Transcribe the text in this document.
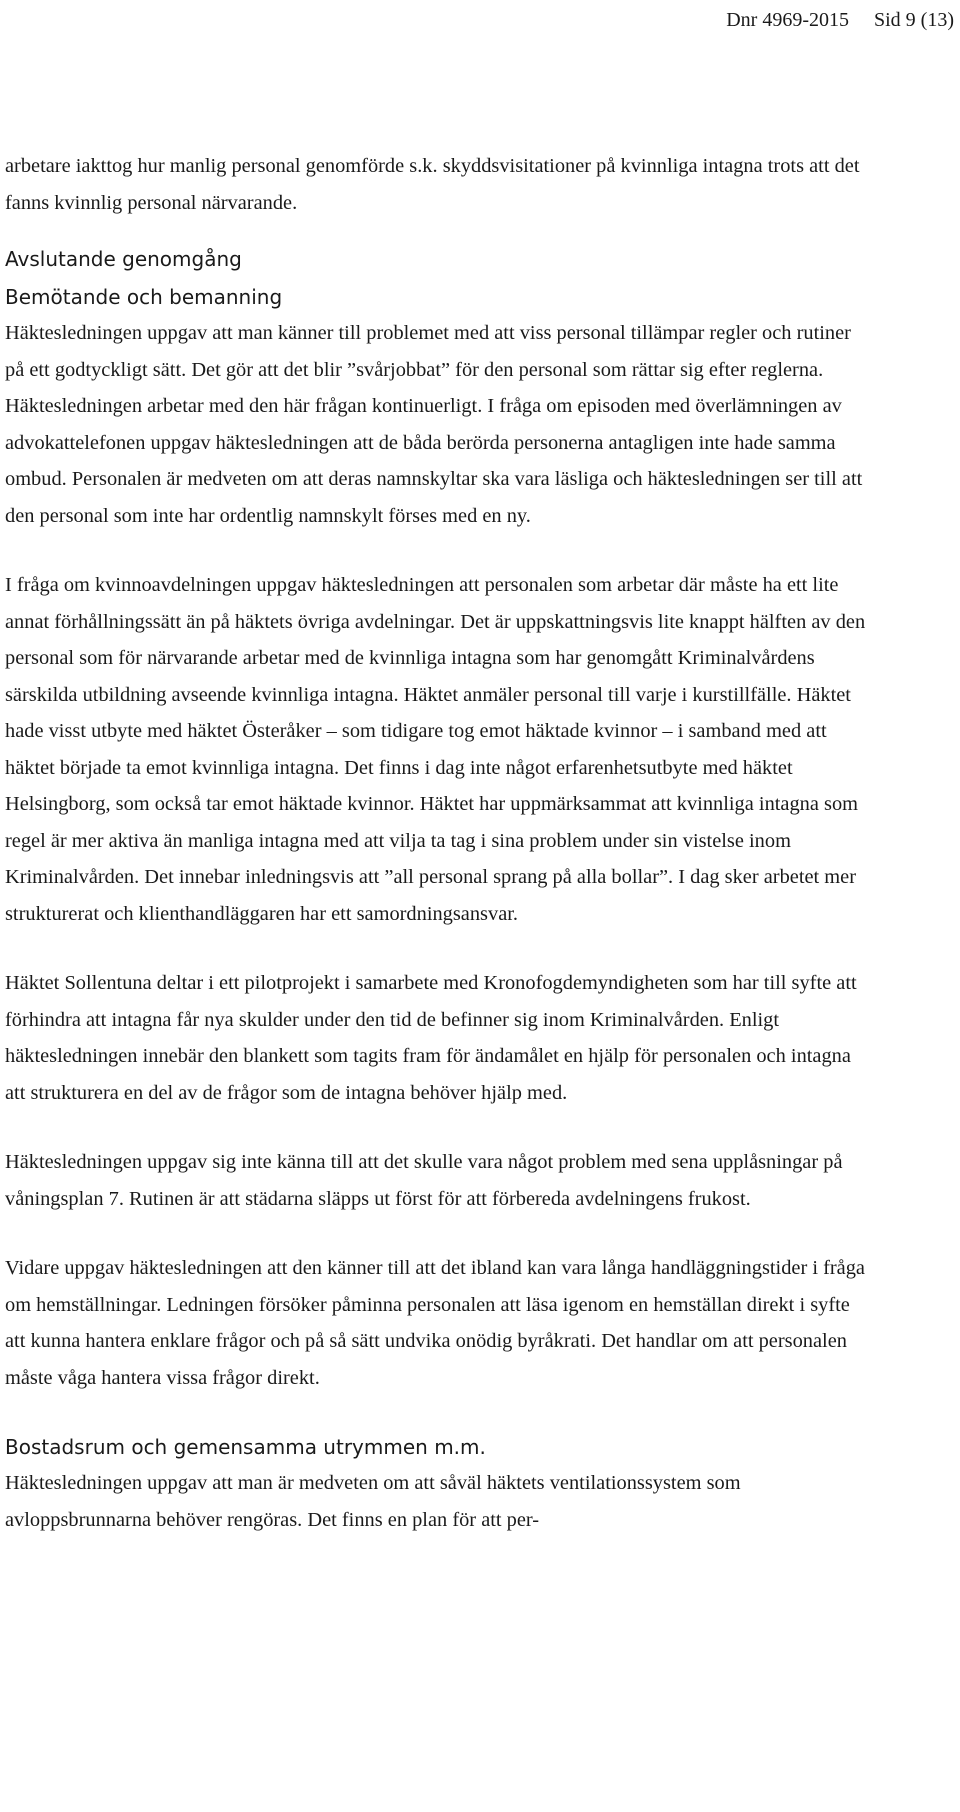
Dnr 4969-2015 Sid 9 (13)

arbetare iakttog hur manlig personal genomförde s.k. skyddsvisitationer på kvinnliga intagna trots att det fanns kvinnlig personal närvarande.

Avslutande genomgång
Bemötande och bemanning

Häktesledningen uppgav att man känner till problemet med att viss personal tillämpar regler och rutiner på ett godtyckligt sätt. Det gör att det blir ”svårjobbat” för den personal som rättar sig efter reglerna. Häktesledningen arbetar med den här frågan kontinuerligt. I fråga om episoden med överlämningen av advokattelefonen uppgav häktesledningen att de båda berörda personerna antagligen inte hade samma ombud. Personalen är medveten om att deras namnskyltar ska vara läsliga och häktesledningen ser till att den personal som inte har ordentlig namnskylt förses med en ny.

I fråga om kvinnoavdelningen uppgav häktesledningen att personalen som arbetar där måste ha ett lite annat förhållningssätt än på häktets övriga avdelningar. Det är uppskattningsvis lite knappt hälften av den personal som för närvarande arbetar med de kvinnliga intagna som har genomgått Kriminalvårdens särskilda utbildning avseende kvinnliga intagna. Häktet anmäler personal till varje i kurstillfälle. Häktet hade visst utbyte med häktet Österåker – som tidigare tog emot häktade kvinnor – i samband med att häktet började ta emot kvinnliga intagna. Det finns i dag inte något erfarenhetsutbyte med häktet Helsingborg, som också tar emot häktade kvinnor. Häktet har uppmärksammat att kvinnliga intagna som regel är mer aktiva än manliga intagna med att vilja ta tag i sina problem under sin vistelse inom Kriminalvården. Det innebar inledningsvis att ”all personal sprang på alla bollar”. I dag sker arbetet mer strukturerat och klienthandläggaren har ett samordningsansvar.

Häktet Sollentuna deltar i ett pilotprojekt i samarbete med Kronofogdemyndigheten som har till syfte att förhindra att intagna får nya skulder under den tid de befinner sig inom Kriminalvården. Enligt häktesledningen innebär den blankett som tagits fram för ändamålet en hjälp för personalen och intagna att strukturera en del av de frågor som de intagna behöver hjälp med.

Häktesledningen uppgav sig inte känna till att det skulle vara något problem med sena upplåsningar på våningsplan 7. Rutinen är att städarna släpps ut först för att förbereda avdelningens frukost.

Vidare uppgav häktesledningen att den känner till att det ibland kan vara långa handläggningstider i fråga om hemställningar. Ledningen försöker påminna personalen att läsa igenom en hemställan direkt i syfte att kunna hantera enklare frågor och på så sätt undvika onödig byråkrati. Det handlar om att personalen måste våga hantera vissa frågor direkt.

Bostadsrum och gemensamma utrymmen m.m.

Häktesledningen uppgav att man är medveten om att såväl häktets ventilationssystem som avloppsbrunnarna behöver rengöras. Det finns en plan för att per-
